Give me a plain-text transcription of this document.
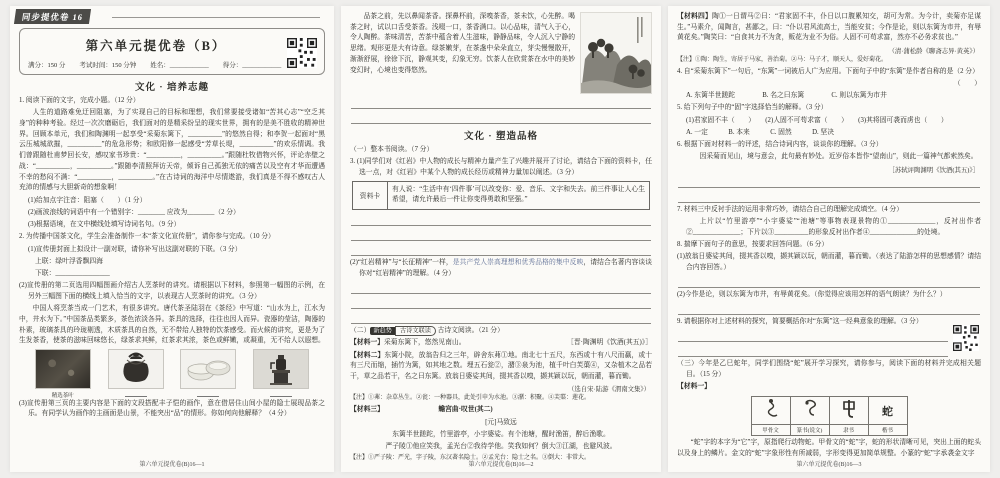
同步提优卷 16
第六单元提优卷（B）
满分：150 分 考试时间：150 分钟 姓名：____________ 得分：____________
文化 · 培养志趣
1. 阅读下面的文字，完成小题。（12 分）
人生的道路难免迂回阻塞，为了实现自己的目标和理想，我们常要接受诸如“苦其心志”“空乏其身”的种种考验。经过一次次磨砺后，我们面对的是精采纷呈的现实世界，拥有的是美不胜收的精神世界。回顾本单元，我们和陶渊明一起享受“采菊东篱下，__________”的悠然自得；和李贺一起面对“黑云压城城欲摧，__________”的危急形势；和欧阳修一起感受“芳草长堤，__________”的欢乐情调。我们曾跟随杜甫梦回长安，感叹家书珍贵：“__________，__________。”跟随杜牧借物兴怀，评论赤壁之战：“__________，__________。”跟随李清照拜访天帝，倾诉自己孤独无依的痛苦以及空有才华而遭遇不幸的愁闷不满：“__________，__________。”在古诗词的海洋中尽情遨游，我们真是不得不感叹古人充沛的情感与大胆新奇的想象啊！
(1)给加点字注音：阻塞（　　）（1 分）
(2)画波浪线的词语中有一个错别字：________ 应改为________（2 分）
(3)根据语境，在文中横线处填写诗词名句。（9 分）
2. 为传播中国茶文化，学生会准备制作一本“茶文化宣传册”，请你参与完成。（10 分）
(1)宣传册封面上拟设计一副对联，请你补写出这副对联的下联。（3 分）
上联：绿叶浮香飘四海
下联：________________
(2)宣传册的第二页选用四幅图画介绍古人烹茶时的讲究。请根据以下材料，参照第一幅图的示例，在另外三幅图下面的横线上填入恰当的文字，以表现古人烹茶时的讲究。（3 分）
中国人将烹茶当成一门艺术，有很多讲究。唐代茶圣陆羽在《茶经》中写道：“山水为上，江水为中，井水为下。”中国茶品类繁多，茶色浓淡各异。茶具的选择，往往也因人而异。瓷器的莹洁，陶器的朴素，玻璃茶具的玲珑剔透，木质茶具的自然，无不带给人独特的饮茶感受。而火候的讲究，更是为了生发茶香，使茶的滋味回味悠长，绿茶求其鲜，红茶求其浓，茶色或鲜嫩，或凝重，无不给人以遐想。
精选茶叶
(3)宣传册第三页的主要内容是下面的文段搭配丰子恺的画作，意在借居住山间小屋的隐士展现品茶之乐。有同学认为画作的主画面是山景，不能突出“品”的情形。你如何向他解释？（4 分）
第六单元提优卷(B)16—1
品茶之前，先以鼻闻茶香。探鼻杯前，深嗅茶香，茶未饮，心先醉。喝茶之时，试以口舌受茶香。浅啜一口，茶香满口。以心品味，清气入于心，令人陶醉。茶味清苦，苦茶中蕴含着人生滋味，静静品味，令人沉入宁静的思绪。观形更是大有诗意。绿茶嫩芽，在茶盏中朵朵直立，芽尖慢慢散开，渐渐舒展，徐徐下沉，静观其变，幻象无穷。饮茶人在欣赏茶在水中的美妙变幻时，心境也变得悠然。
文化 · 塑造品格
（一）整本书阅读。（7 分）
3. (1)同学们对《红岩》中人物的成长与精神力量产生了兴趣并展开了讨论，请结合下面的资料卡，任选一点，对《红岩》中某个人物的成长经历或精神力量加以阐述。（3 分）
资料卡
有人说：“生活中有‘四件事’可以改变你：爱、音乐、文字和失去。前三件事让人心生希望，请允许最后一件让你变得勇敢和坚强。”
(2)“红岩精神”与“长征精神”一样，是共产党人崇高理想和优秀品格的集中反映，请结合名著内容谈谈你对“红岩精神”的理解。（4 分）
（二） 新趋势 古诗文联读 古诗文阅读。（21 分）
【材料一】采菊东篱下，悠然见南山。	［晋·陶渊明《饮酒(其五)》］
【材料二】东篱小院，放翁告归之三年，辟舍东茀①地。南北七十五尺，东西或十有八尺而赢，或十有三尺而缩，插竹为篱，如其地之数。埋五石瓮②，潴③泉为池，植千叶白芙蕖④，又杂植木之品若干，草之品若干，名之曰东篱。放翁日婆娑其间，掇其香以嗅，撷其颖以玩，朝而灌，暮而锄。
（选自宋·陆游《渭南文集》）
【注】①茀：杂草丛生。②瓮：一种器具，此处引申为水池。③潴：积聚。④芙蕖：莲花。
【材料三】	蟾宫曲·叹世(其二)
[元]马致远
东篱半世蹉跎，竹里游亭，小宇婆娑。有个池塘，醒时渔笛，醉后渔歌。
严子陵①他应笑我，孟光台②我待学他。笑我如何？倒大③江湖，也避风波。
【注】①严子陵：严光，字子陵，东汉著名隐士。②孟光台：隐士之名。③倒大：非常大。
第六单元提优卷(B)16—2
【材料四】陶①一日谓马②曰：“君家固不丰，仆日以口腹累知交，胡可为常。为今计，卖菊亦足谋生。”马素介，闻陶言，甚鄙之，曰：“仆以君风流高士，当能安贫；今作是论，则以东篱为市井，有辱黄花矣。”陶笑曰：“自食其力不为贪，贩花为业不为俗。人固不可苟求富，然亦不必务求贫也。”
（清·蒲松龄《聊斋志异·黄英》）
【注】①陶：陶生，寄居于马家，善治菊。②马：马子才，顺天人，爱好菊花。
4. 自“采菊东篱下”一句后，“东篱”一词被后人广为应用。下面句子中的“东篱”是作者自称的是（2 分）
（　　）
A. 东篱半世蹉跎　　　　B. 名之曰东篱　　　　C. 则以东篱为市井
5. 给下列句子中的“固”字选择恰当的解释。（3 分）
(1)君家固不丰（　　）　　(2)人固不可苟求富（　　）　　(3)其将固可袭而虏也（　　）
A. 一定　　　B. 本来　　　C. 固然　　　D. 坚决
6. 根据下面对材料一的评述，结合诗词内容，谈谈你的理解。（3 分）
因采菊而见山，境与意会，此句最有妙处。近岁俗本皆作“望南山”，则此一篇神气都索然矣。
［苏轼评陶渊明《饮酒(其五)》］
7. 材料三中反衬手法的运用非常巧妙，请结合自己的理解完成填空。（4 分）
上片以“竹里游亭”“小宇婆娑”“池塘”等事物表现景物的①______________，反衬出作者②______________；下片以③__________的形象反衬出作者④______________的处境。
8. 揣摩下面句子的意思，按要求回答问题。（6 分）
(1)放翁日婆娑其间，掇其香以嗅，撷其颖以玩，朝而灌，暮而锄。（表达了陆游怎样的思想感情？请结合内容回答。）
(2)今作是论，则以东篱为市井，有辱黄花矣。（你觉得应该用怎样的语气朗读？为什么？）
9. 请根据你对上述材料的探究，简要概括你对“东篱”这一经典意象的理解。（3 分）
（三）今年是乙巳蛇年，同学们围绕“蛇”展开学习探究，请你参与，阅读下面的材料并完成相关题目。（15 分）
【材料一】
			蛇
甲骨文	篆书(说文)	隶书	楷书
“蛇”字的本字为“它”字，原指爬行动物蛇。甲骨文的“蛇”字，蛇的形状清晰可见，突出上面的蛇头以及身上的鳞片。金文的“蛇”字象形性有所减弱，字形变得更加简单规整。小篆的“蛇”字承袭金文字
第六单元提优卷(B)16—3
